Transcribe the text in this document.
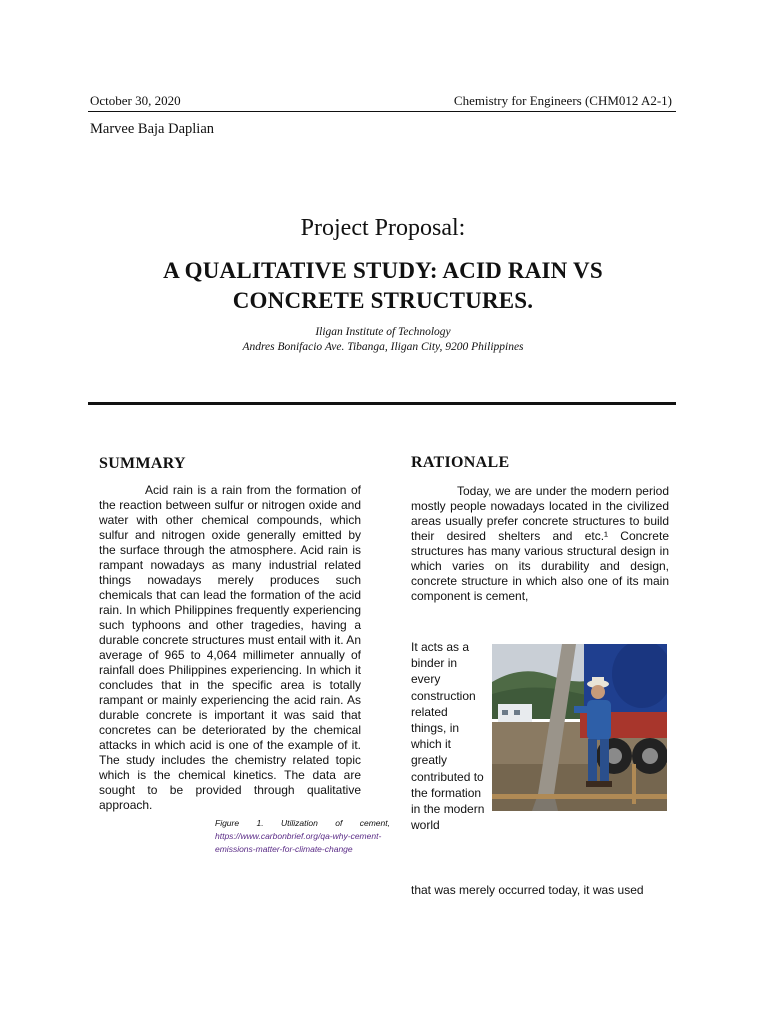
October 30, 2020	Chemistry for Engineers (CHM012 A2-1)
Marvee Baja Daplian
Project Proposal:
A QUALITATIVE STUDY: ACID RAIN VS
CONCRETE STRUCTURES.
Iligan Institute of Technology
Andres Bonifacio Ave. Tibanga, Iligan City, 9200 Philippines
SUMMARY
Acid rain is a rain from the formation of the reaction between sulfur or nitrogen oxide and water with other chemical compounds, which sulfur and nitrogen oxide generally emitted by the surface through the atmosphere. Acid rain is rampant nowadays as many industrial related things nowadays merely produces such chemicals that can lead the formation of the acid rain. In which Philippines frequently experiencing such typhoons and other tragedies, having a durable concrete structures must entail with it. An average of 965 to 4,064 millimeter annually of rainfall does Philippines experiencing. In which it concludes that in the specific area is totally rampant or mainly experiencing the acid rain. As durable concrete is important it was said that concretes can be deteriorated by the chemical attacks in which acid is one of the example of it. The study includes the chemistry related topic which is the chemical kinetics. The data are sought to be provided through qualitative approach.
RATIONALE
Today, we are under the modern period mostly people nowadays located in the civilized areas usually prefer concrete structures to build their desired shelters and etc.¹ Concrete structures has many various structural design in which varies on its durability and design, concrete structure in which also one of its main component is cement,
It acts as a binder in every construction related things, in which it greatly contributed to the formation in the modern world
Figure 1. Utilization of cement,
https://www.carbonbrief.org/qa-why-cement-emissions-matter-for-climate-change
that was merely occurred today, it was used
